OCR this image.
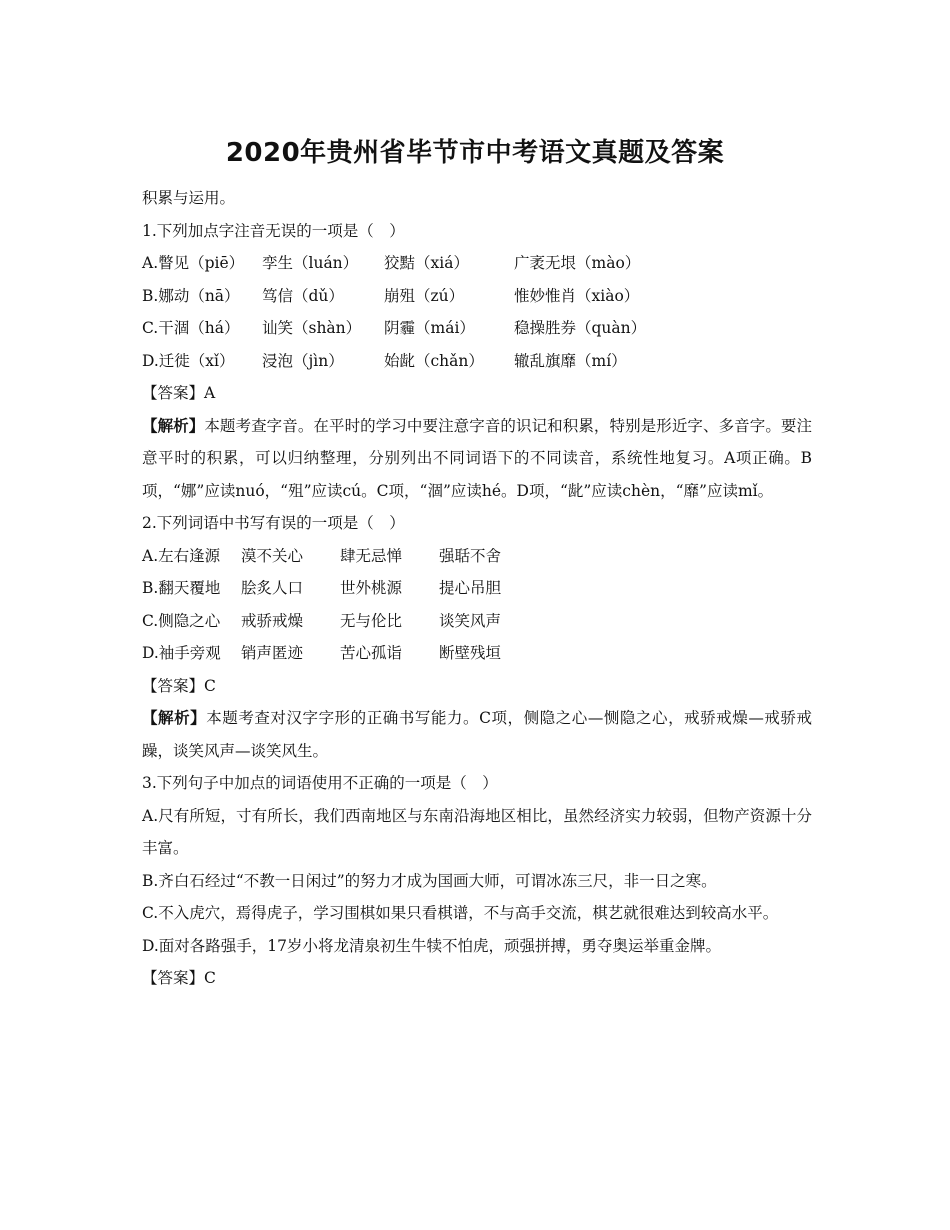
2020年贵州省毕节市中考语文真题及答案

积累与运用。

1.下列加点字注音无误的一项是（　）

A.瞥见（piē）	孪生（luán）	狡黠（xiá）	广袤无垠（mào）
B.娜动（nā）	笃信（dǔ）	崩殂（zú）	惟妙惟肖（xiào）
C.干涸（há）	讪笑（shàn）	阴霾（mái）	稳操胜券（quàn）
D.迁徙（xǐ）	浸泡（jìn）	始龀（chǎn）	辙乱旗靡（mí）

【答案】A

【解析】本题考查字音。在平时的学习中要注意字音的识记和积累，特别是形近字、多音字。要注意平时的积累，可以归纳整理，分别列出不同词语下的不同读音，系统性地复习。A项正确。B项，“娜”应读nuó，“殂”应读cú。C项，“涸”应读hé。D项，“龀”应读chèn，“靡”应读mǐ。

2.下列词语中书写有误的一项是（　）

A.左右逢源	漠不关心	肆无忌惮	强聒不舍
B.翻天覆地	脍炙人口	世外桃源	提心吊胆
C.侧隐之心	戒骄戒燥	无与伦比	谈笑风声
D.袖手旁观	销声匿迹	苦心孤诣	断壁残垣

【答案】C

【解析】本题考查对汉字字形的正确书写能力。C项，侧隐之心—恻隐之心，戒骄戒燥—戒骄戒躁，谈笑风声—谈笑风生。

3.下列句子中加点的词语使用不正确的一项是（　）

A.尺有所短，寸有所长，我们西南地区与东南沿海地区相比，虽然经济实力较弱，但物产资源十分丰富。

B.齐白石经过“不教一日闲过”的努力才成为国画大师，可谓冰冻三尺，非一日之寒。

C.不入虎穴，焉得虎子，学习围棋如果只看棋谱，不与高手交流，棋艺就很难达到较高水平。

D.面对各路强手，17岁小将龙清泉初生牛犊不怕虎，顽强拼搏，勇夺奥运举重金牌。

【答案】C
